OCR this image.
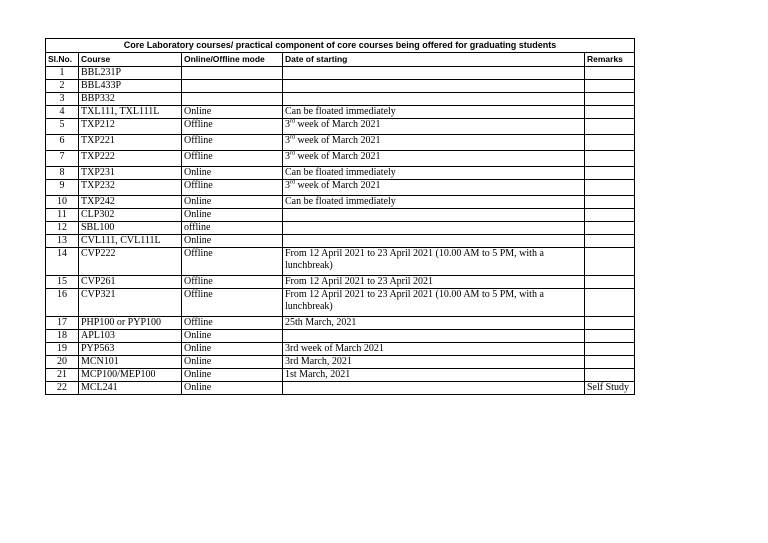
Core Laboratory courses/ practical component of core courses being offered for graduating students				
Sl.No.	Course	Online/Offline mode	Date of starting	Remarks
1	BBL231P			
2	BBL433P			
3	BBP332			
4	TXL111, TXL111L	Online	Can be floated immediately	
5	TXP212	Offline	3rd week of March 2021	
6	TXP221	Offline	3rd week of March 2021	
7	TXP222	Offline	3rd week of March 2021	
8	TXP231	Online	Can be floated immediately	
9	TXP232	Offline	3rd week of March 2021	
10	TXP242	Online	Can be floated immediately	
11	CLP302	Online		
12	SBL100	offline		
13	CVL111, CVL111L	Online		
14	CVP222	Offline	From 12 April 2021 to 23 April 2021 (10.00 AM to 5 PM, with a lunchbreak)	
15	CVP261	Offline	From 12 April 2021 to 23 April 2021	
16	CVP321	Offline	From 12 April 2021 to 23 April 2021 (10.00 AM to 5 PM, with a lunchbreak)	
17	PHP100 or PYP100	Offline	25th March, 2021	
18	APL103	Online		
19	PYP563	Online	3rd week of March 2021	
20	MCN101	Online	3rd March, 2021	
21	MCP100/MEP100	Online	1st March, 2021	
22	MCL241	Online		Self Study
